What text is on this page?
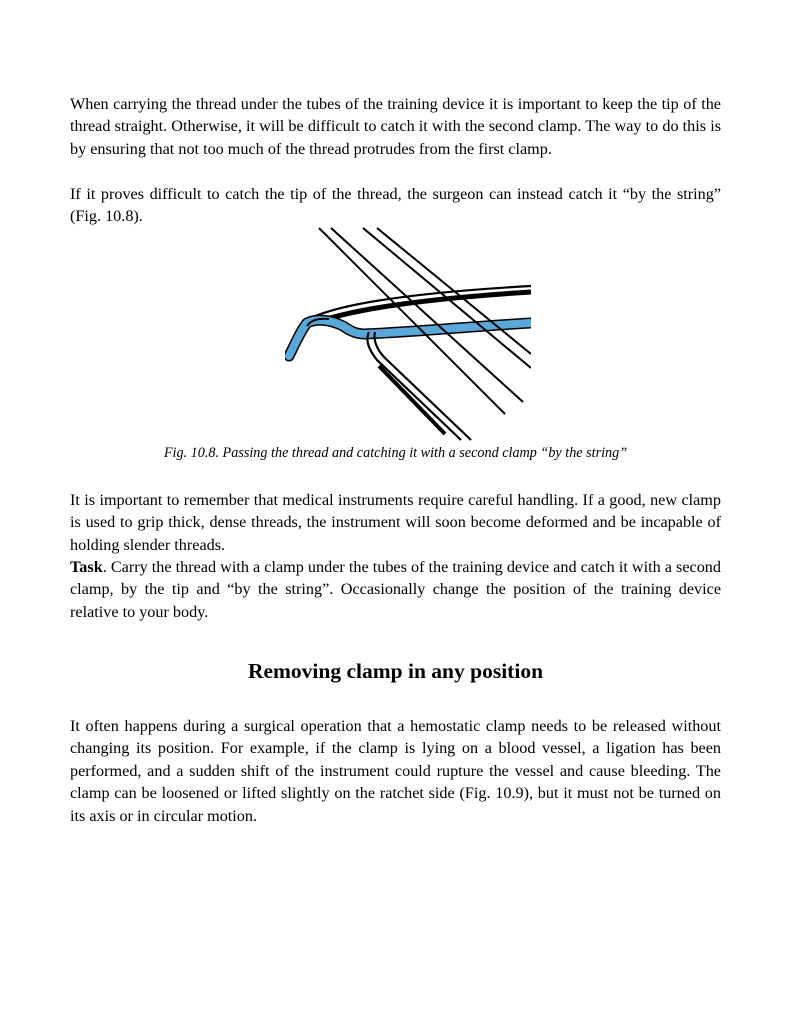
When carrying the thread under the tubes of the training device it is important to keep the tip of the thread straight. Otherwise, it will be difficult to catch it with the second clamp. The way to do this is by ensuring that not too much of the thread protrudes from the first clamp.

If it proves difficult to catch the tip of the thread, the surgeon can instead catch it “by the string” (Fig. 10.8).

Fig. 10.8. Passing the thread and catching it with a second clamp “by the string”

It is important to remember that medical instruments require careful handling. If a good, new clamp is used to grip thick, dense threads, the instrument will soon become deformed and be incapable of holding slender threads.

Task. Carry the thread with a clamp under the tubes of the training device and catch it with a second clamp, by the tip and “by the string”. Occasionally change the position of the training device relative to your body.

Removing clamp in any position

It often happens during a surgical operation that a hemostatic clamp needs to be released without changing its position. For example, if the clamp is lying on a blood vessel, a ligation has been performed, and a sudden shift of the instrument could rupture the vessel and cause bleeding. The clamp can be loosened or lifted slightly on the ratchet side (Fig. 10.9), but it must not be turned on its axis or in circular motion.
